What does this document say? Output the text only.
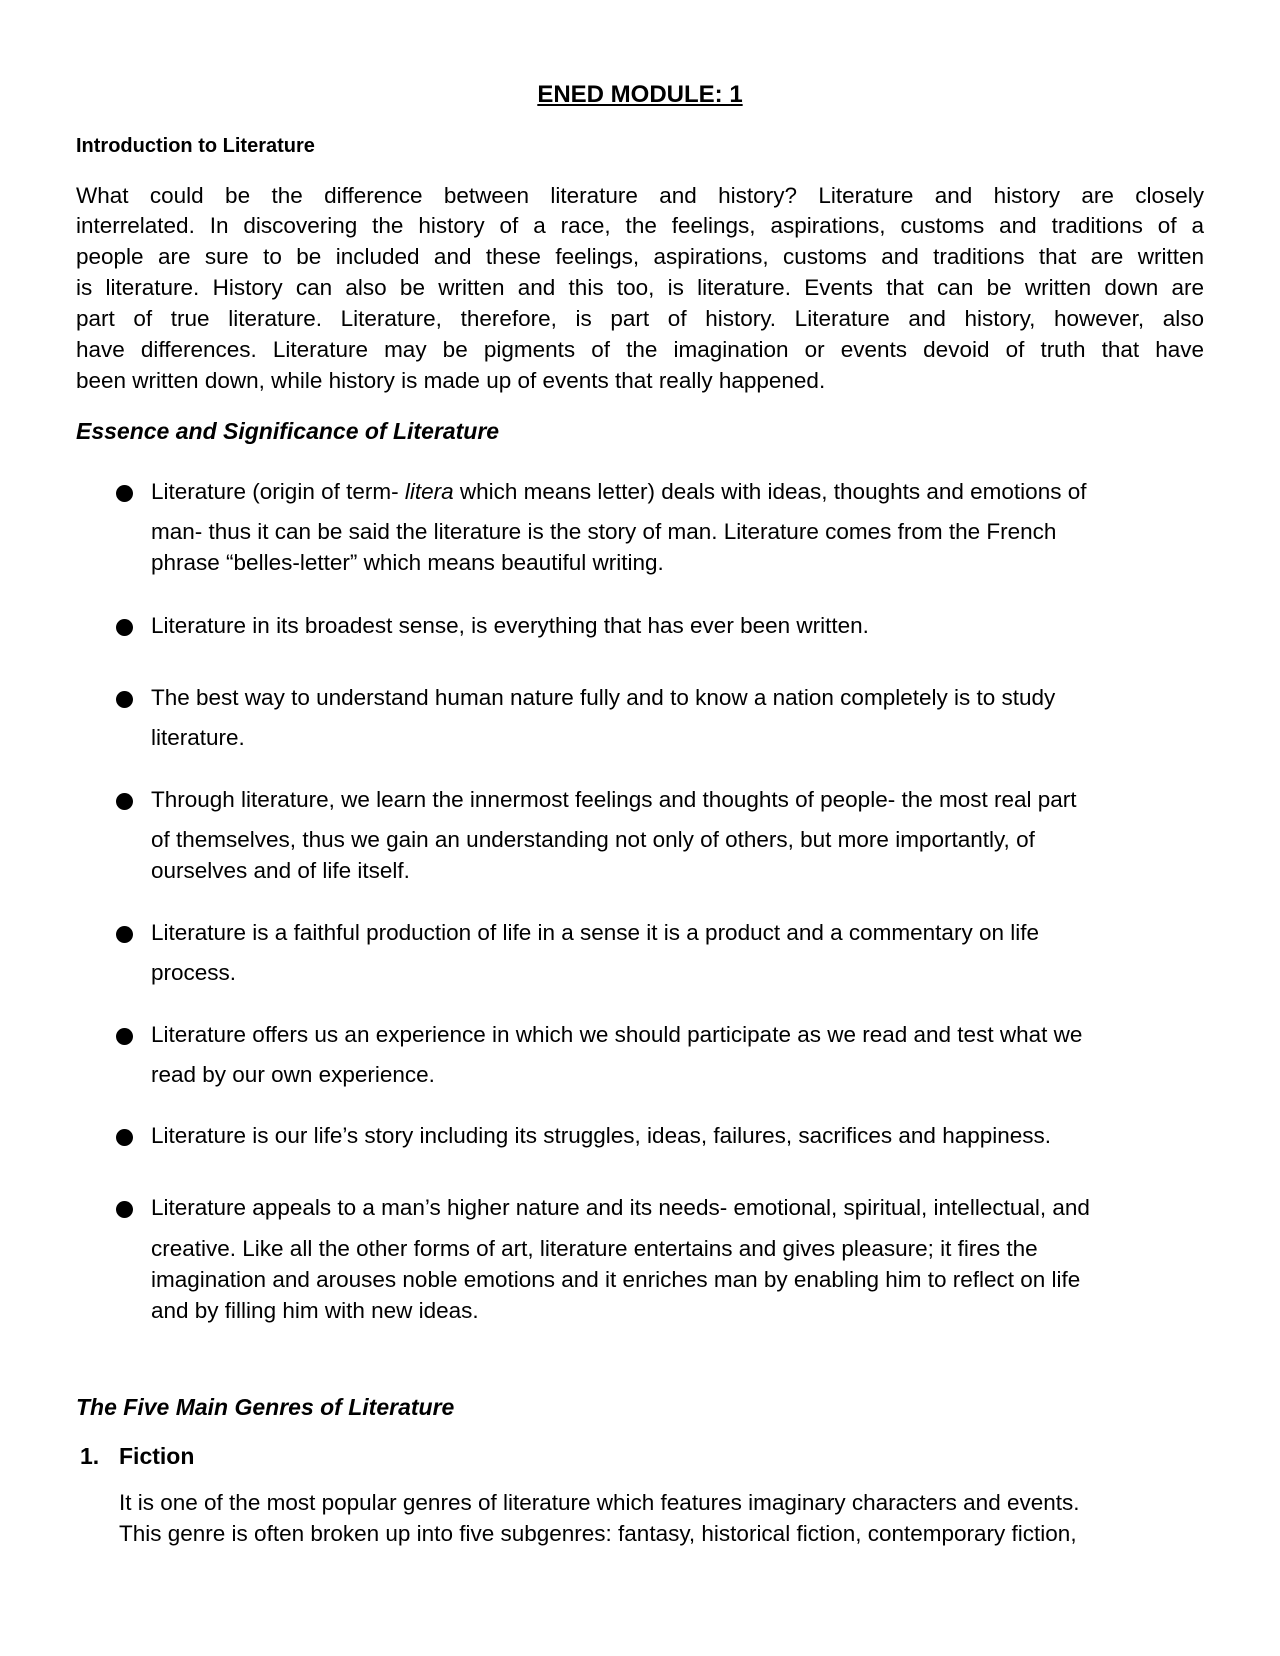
ENED MODULE: 1
Introduction to Literature
What could be the difference between literature and history? Literature and history are closely
interrelated. In discovering the history of a race, the feelings, aspirations, customs and traditions of a
people are sure to be included and these feelings, aspirations, customs and traditions that are written
is literature. History can also be written and this too, is literature. Events that can be written down are
part of true literature. Literature, therefore, is part of history. Literature and history, however, also
have differences. Literature may be pigments of the imagination or events devoid of truth that have
been written down, while history is made up of events that really happened.
Essence and Significance of Literature
Literature (origin of term- litera which means letter) deals with ideas, thoughts and emotions of
man- thus it can be said the literature is the story of man. Literature comes from the French
phrase “belles-letter” which means beautiful writing.
Literature in its broadest sense, is everything that has ever been written.
The best way to understand human nature fully and to know a nation completely is to study
literature.
Through literature, we learn the innermost feelings and thoughts of people- the most real part
of themselves, thus we gain an understanding not only of others, but more importantly, of
ourselves and of life itself.
Literature is a faithful production of life in a sense it is a product and a commentary on life
process.
Literature offers us an experience in which we should participate as we read and test what we
read by our own experience.
Literature is our life’s story including its struggles, ideas, failures, sacrifices and happiness.
Literature appeals to a man’s higher nature and its needs- emotional, spiritual, intellectual, and
creative. Like all the other forms of art, literature entertains and gives pleasure; it fires the
imagination and arouses noble emotions and it enriches man by enabling him to reflect on life
and by filling him with new ideas.
The Five Main Genres of Literature
1. Fiction
It is one of the most popular genres of literature which features imaginary characters and events.
This genre is often broken up into five subgenres: fantasy, historical fiction, contemporary fiction,
